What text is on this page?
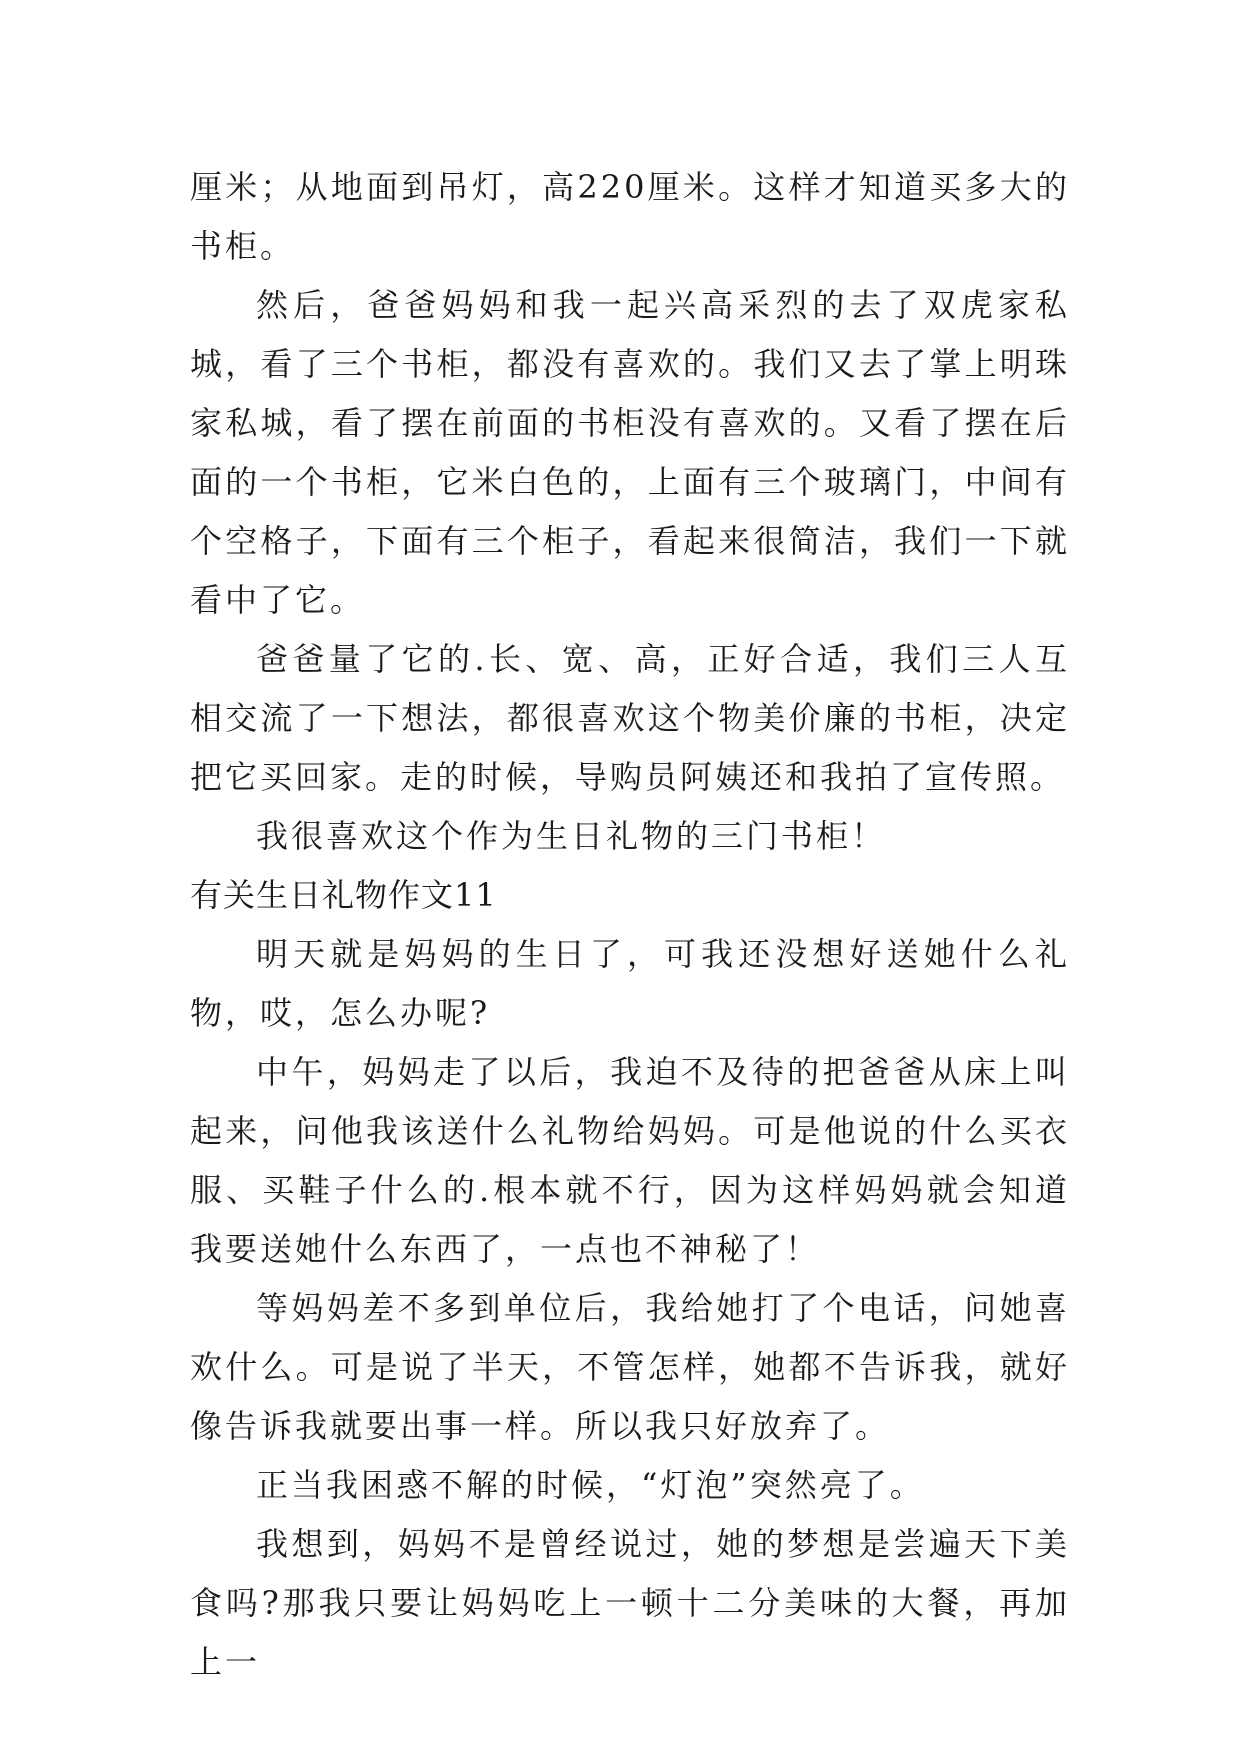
厘米；从地面到吊灯，高220厘米。这样才知道买多大的书柜。

然后，爸爸妈妈和我一起兴高采烈的去了双虎家私城，看了三个书柜，都没有喜欢的。我们又去了掌上明珠家私城，看了摆在前面的书柜没有喜欢的。又看了摆在后面的一个书柜，它米白色的，上面有三个玻璃门，中间有个空格子，下面有三个柜子，看起来很简洁，我们一下就看中了它。

爸爸量了它的.长、宽、高，正好合适，我们三人互相交流了一下想法，都很喜欢这个物美价廉的书柜，决定把它买回家。走的时候，导购员阿姨还和我拍了宣传照。

我很喜欢这个作为生日礼物的三门书柜！

有关生日礼物作文11

明天就是妈妈的生日了，可我还没想好送她什么礼物，哎，怎么办呢?

中午，妈妈走了以后，我迫不及待的把爸爸从床上叫起来，问他我该送什么礼物给妈妈。可是他说的什么买衣服、买鞋子什么的.根本就不行，因为这样妈妈就会知道我要送她什么东西了，一点也不神秘了！

等妈妈差不多到单位后，我给她打了个电话，问她喜欢什么。可是说了半天，不管怎样，她都不告诉我，就好像告诉我就要出事一样。所以我只好放弃了。

正当我困惑不解的时候，“灯泡”突然亮了。

我想到，妈妈不是曾经说过，她的梦想是尝遍天下美食吗?那我只要让妈妈吃上一顿十二分美味的大餐，再加上一
